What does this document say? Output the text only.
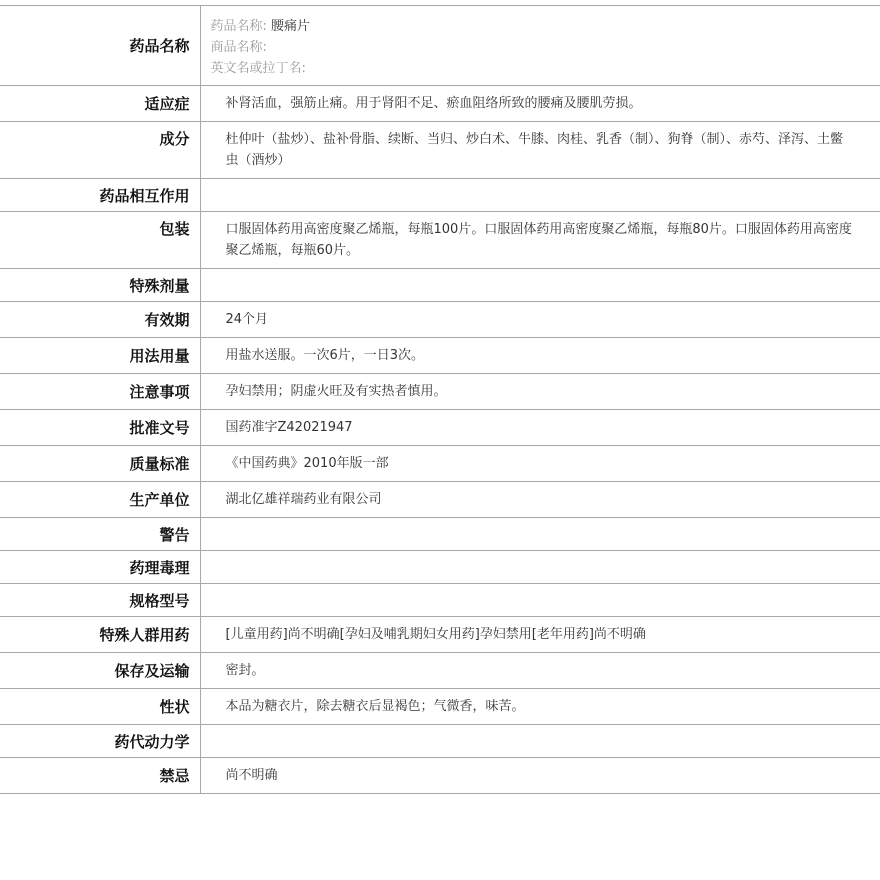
药品名称	药品名称: 腰痛片
商品名称:
英文名或拉丁名:

适应症	补肾活血，强筋止痛。用于肾阳不足、瘀血阻络所致的腰痛及腰肌劳损。
成分	杜仲叶（盐炒）、盐补骨脂、续断、当归、炒白术、牛膝、肉桂、乳香（制）、狗脊（制）、赤芍、泽泻、土鳖虫（酒炒）
药品相互作用	
包装	口服固体药用高密度聚乙烯瓶，每瓶100片。口服固体药用高密度聚乙烯瓶，每瓶80片。口服固体药用高密度聚乙烯瓶，每瓶60片。
特殊剂量	
有效期	24个月
用法用量	用盐水送服。一次6片，一日3次。
注意事项	孕妇禁用；阴虚火旺及有实热者慎用。
批准文号	国药准字Z42021947
质量标准	《中国药典》2010年版一部
生产单位	湖北亿雄祥瑞药业有限公司
警告	
药理毒理	
规格型号	
特殊人群用药	[儿童用药]尚不明确[孕妇及哺乳期妇女用药]孕妇禁用[老年用药]尚不明确
保存及运输	密封。
性状	本品为糖衣片，除去糖衣后显褐色；气微香，味苦。
药代动力学	
禁忌	尚不明确
